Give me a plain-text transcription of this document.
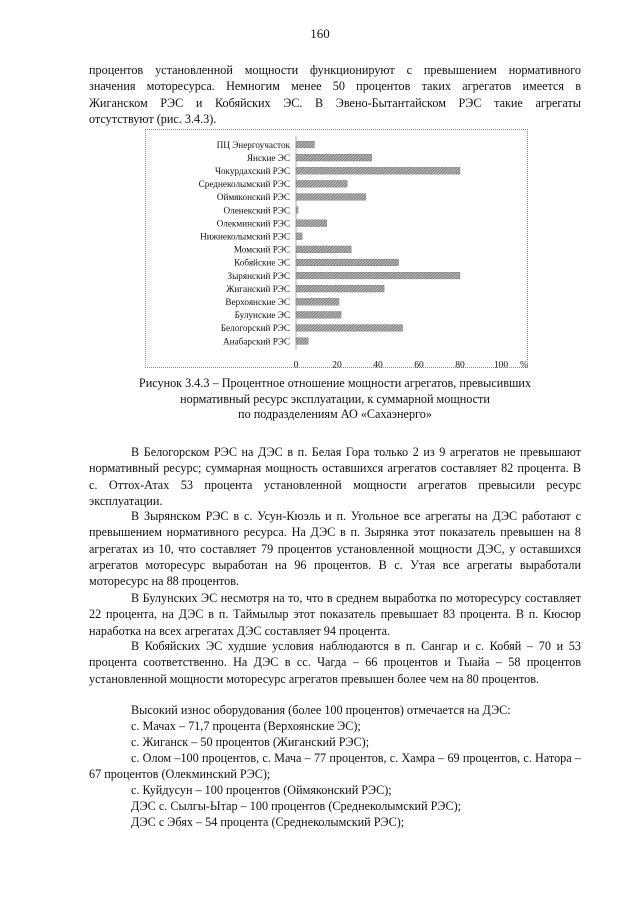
160
процентов установленной мощности функционируют с превышением нормативного
значения моторесурса. Немногим менее 50 процентов таких агрегатов имеется в
Жиганском РЭС и Кобяйских ЭС. В Эвено-Бытантайском РЭС такие агрегаты
отсутствуют (рис. 3.4.3).
ПЦ Энергоучасток
Янские ЭС
Чокурдахский РЭС
Среднеколымский РЭС
Оймяконский РЭС
Оленекский РЭС
Олекминский РЭС
Нижнеколымский РЭС
Момский РЭС
Кобяйские ЭС
Зырянский РЭС
Жиганский РЭС
Верхоянские ЭС
Булунские ЭС
Белогорский РЭС
Анабарский РЭС
0	20	40	60	80	100 %
Рисунок 3.4.3 – Процентное отношение мощности агрегатов, превысивших
нормативный ресурс эксплуатации, к суммарной мощности
по подразделениям АО «Сахаэнерго»

В Белогорском РЭС на ДЭС в п. Белая Гора только 2 из 9 агрегатов не превышают нормативный ресурс; суммарная мощность оставшихся агрегатов составляет 82 процента. В с. Оттох-Атах 53 процента установленной мощности агрегатов превысили ресурс эксплуатации.

В Зырянском РЭС в с. Усун-Кюэль и п. Угольное все агрегаты на ДЭС работают с превышением нормативного ресурса. На ДЭС в п. Зырянка этот показатель превышен на 8 агрегатах из 10, что составляет 79 процентов установленной мощности ДЭС, у оставшихся агрегатов моторесурс выработан на 96 процентов. В с. Утая все агрегаты выработали моторесурс на 88 процентов.

В Булунских ЭС несмотря на то, что в среднем выработка по моторесурсу составляет 22 процента, на ДЭС в п. Таймылыр этот показатель превышает 83 процента. В п. Кюсюр наработка на всех агрегатах ДЭС составляет 94 процента.

В Кобяйских ЭС худшие условия наблюдаются в п. Сангар и с. Кобяй – 70 и 53 процента соответственно. На ДЭС в сс. Чагда – 66 процентов и Тыайа – 58 процентов установленной мощности моторесурс агрегатов превышен более чем на 80 процентов.

Высокий износ оборудования (более 100 процентов) отмечается на ДЭС:
с. Мачах – 71,7 процента (Верхоянские ЭС);
с. Жиганск – 50 процентов (Жиганский РЭС);
с. Олом –100 процентов, с. Мача – 77 процентов, с. Хамра – 69 процентов, с. Натора – 67 процентов (Олекминский РЭС);
с. Куйдусун – 100 процентов (Оймяконский РЭС);
ДЭС с. Сылгы-Ытар – 100 процентов (Среднеколымский РЭС);
ДЭС с Эбях – 54 процента (Среднеколымский РЭС);
